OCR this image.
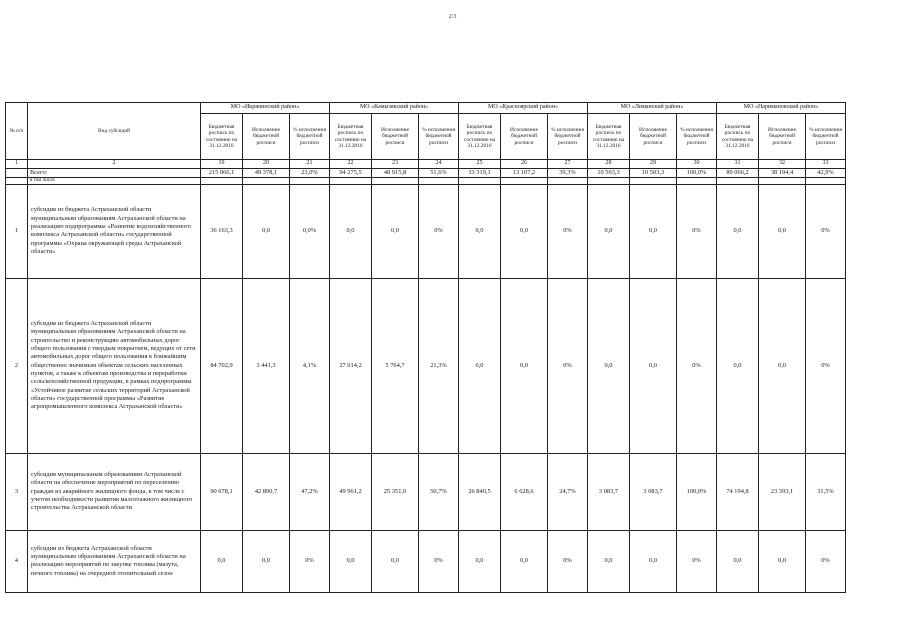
2/3
№ п/п	Вид субсидий	МО «Икрянинский район»			МО «Камызякский район»			МО «Красноярский район»			МО «Лиманский район»			МО «Наримановский район»		
		Бюджетная роспись по состоянию на 31.12.2016	Исполнение бюджетной росписи	% исполнения бюджетной росписи	Бюджетная роспись по состоянию на 31.12.2016	Исполнение бюджетной росписи	% исполнения бюджетной росписи	Бюджетная роспись по состоянию на 31.12.2016	Исполнение бюджетной росписи	% исполнения бюджетной росписи	Бюджетная роспись по состоянию на 31.12.2016	Исполнение бюджетной росписи	% исполнения бюджетной росписи	Бюджетная роспись по состоянию на 31.12.2016	Исполнение бюджетной росписи	% исполнения бюджетной росписи
1	2	19	20	21	22	23	24	25	26	27	28	29	30	31	32	33
	Всего:	215 066,1	49 378,1	23,0%	94 275,5	48 915,8	51,6%	33 319,1	13 107,2	39,3%	10 503,3	10 503,3	100,0%	89 066,2	38 194,4	42,9%
	в том числе															
1	субсидия из бюджета Астраханской области муниципальным образованиям Астраханской области на реализацию подпрограммы «Развитие водохозяйственного комплекса Астраханской области» государственной программы «Охрана окружающей среды Астраханской области»	36 163,3	0,0	0,0%	0,0	0,0	0%	0,0	0,0	0%	0,0	0,0	0%	0,0	0,0	0%
2	субсидия из бюджета Астраханской области муниципальным образованиям Астраханской области на строительство и реконструкцию автомобильных дорог общего пользования с твердым покрытием, ведущих от сети автомобильных дорог общего пользования к ближайшим общественно значимым объектам сельских населенных пунктов, а также к объектам производства и переработки сельскохозяйственной продукции, в рамках подпрограммы «Устойчивое развитие сельских территорий Астраханской области» государственной программы «Развитие агропромышленного комплекса Астраханской области»	84 702,9	3 441,3	4,1%	27 014,2	5 764,7	21,3%	0,0	0,0	0%	0,0	0,0	0%	0,0	0,0	0%
3	субсидия муниципальным образованиям Астраханской области на обеспечение мероприятий по переселению граждан из аварийного жилищного фонда, в том числе с учетом необходимости развития малоэтажного жилищного строительства Астраханской области	90 678,1	42 800,7	47,2%	49 961,2	25 351,0	50,7%	26 840,5	6 628,6	24,7%	3 083,7	3 083,7	100,0%	74 194,8	23 393,1	31,5%
4	субсидии из бюджета Астраханской области муниципальным образованиям Астраханской области на реализацию мероприятий по закупке топлива (мазута, печного топлива) на очередной отопительный сезон	0,0	0,0	0%	0,0	0,0	0%	0,0	0,0	0%	0,0	0,0	0%	0,0	0,0	0%
